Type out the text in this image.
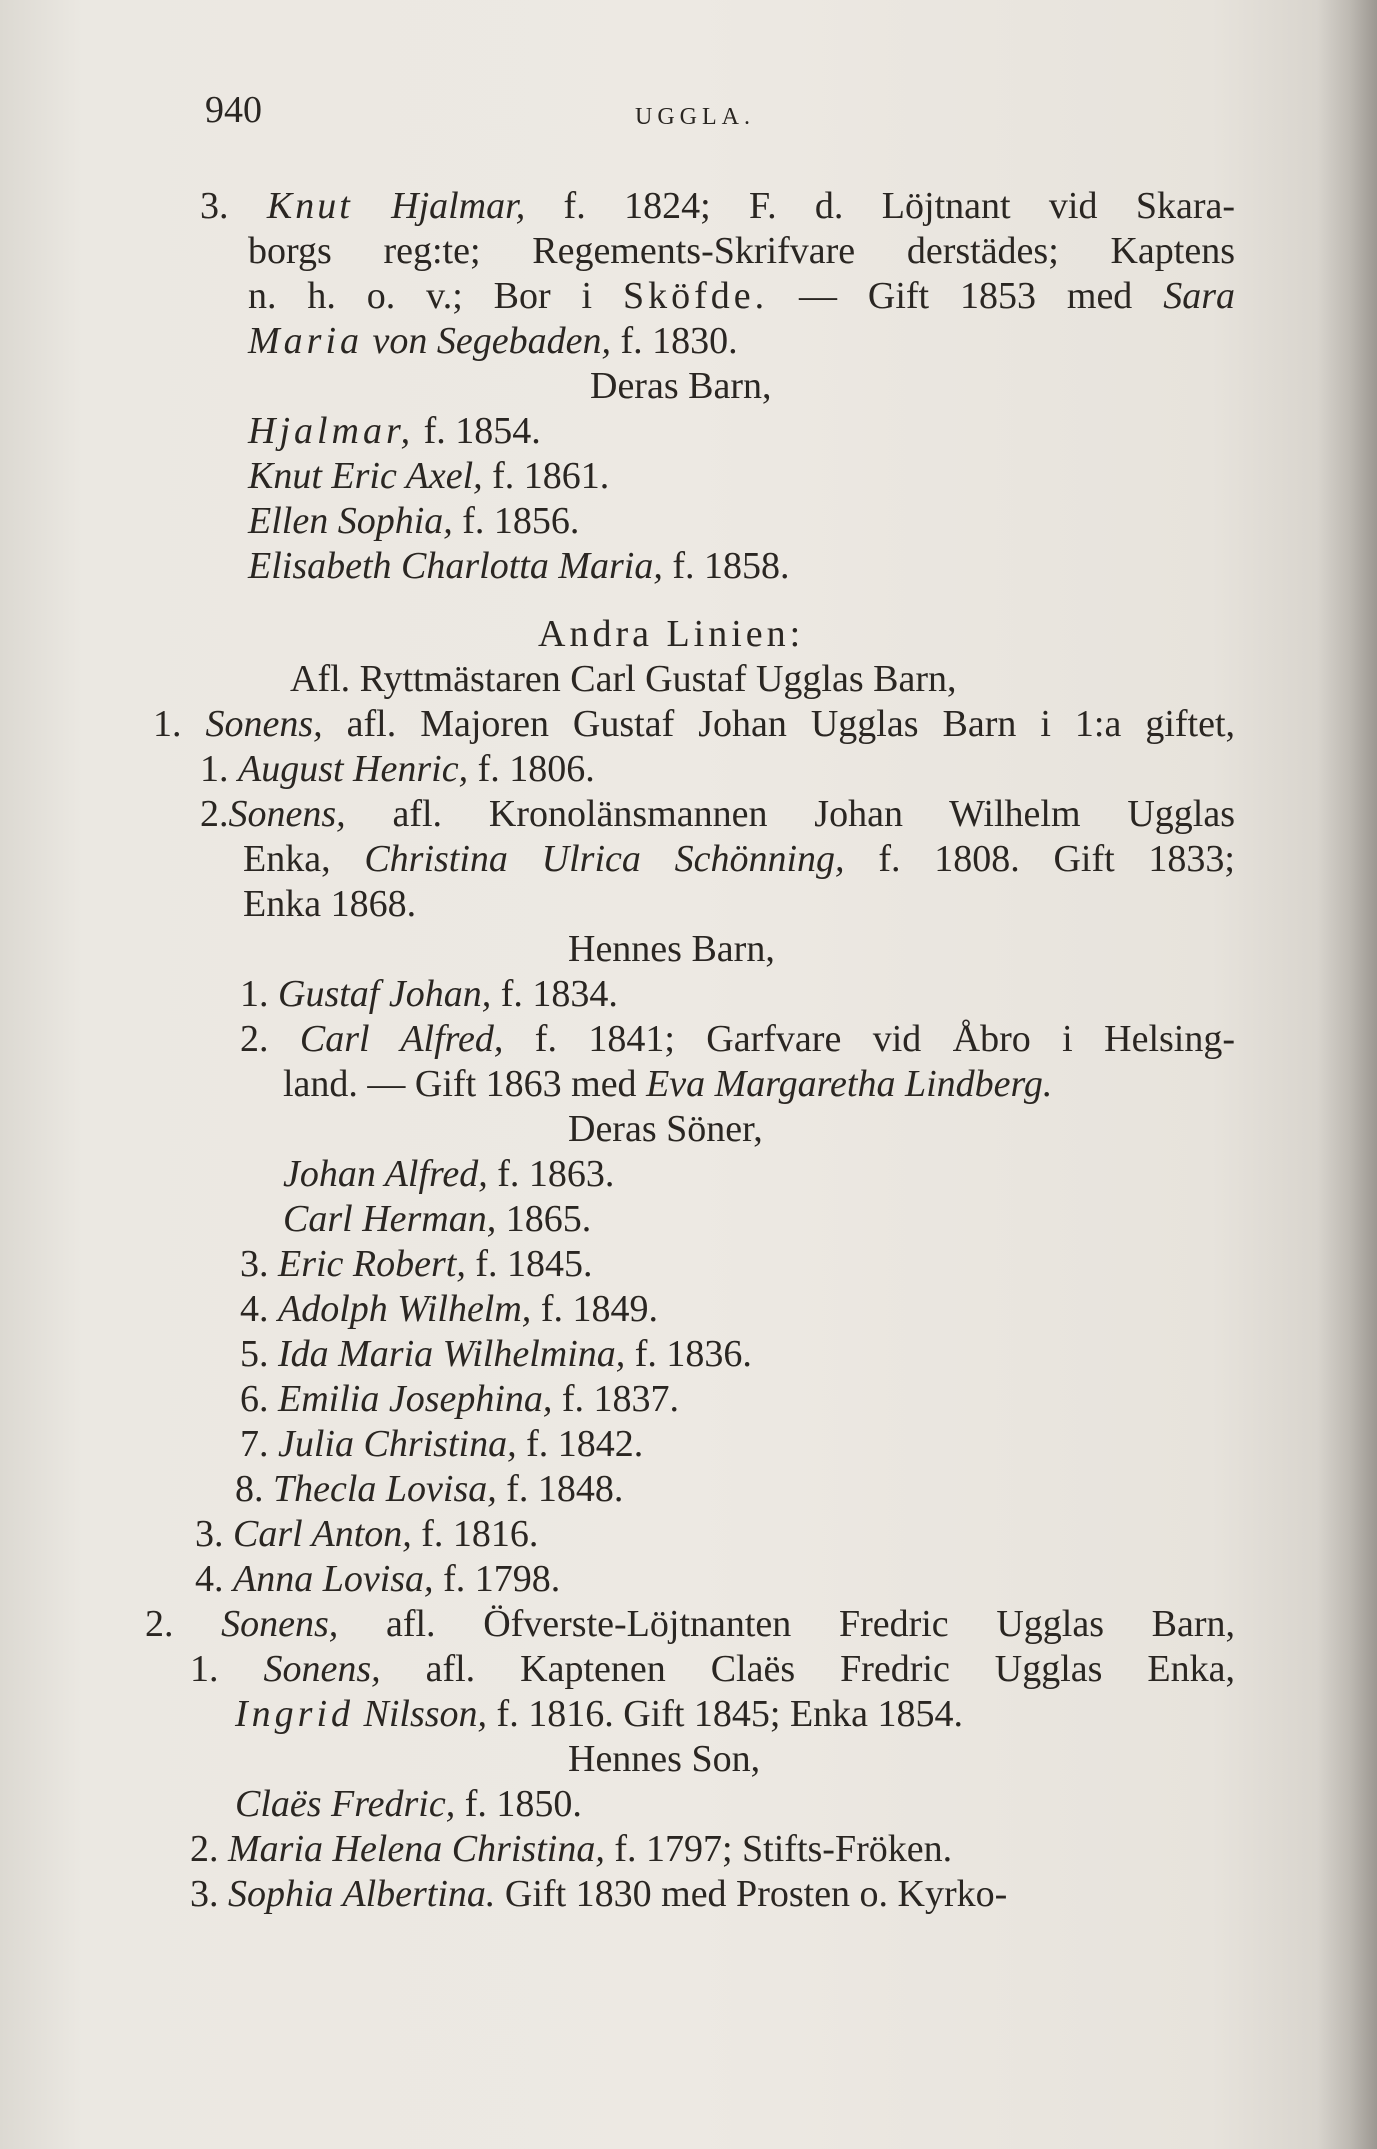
940	UGGLA.
3. Knut Hjalmar, f. 1824; F. d. Löjtnant vid Skara-
borgs reg:te; Regements-Skrifvare derstädes; Kaptens
n. h. o. v.; Bor i Sköfde. — Gift 1853 med Sara
Maria von Segebaden, f. 1830.
Deras Barn,
Hjalmar, f. 1854.
Knut Eric Axel, f. 1861.
Ellen Sophia, f. 1856.
Elisabeth Charlotta Maria, f. 1858.
Andra Linien:
Afl. Ryttmästaren Carl Gustaf Ugglas Barn,
1. Sonens, afl. Majoren Gustaf Johan Ugglas Barn i 1:a giftet,
1. August Henric, f. 1806.
2.Sonens, afl. Kronolänsmannen Johan Wilhelm Ugglas
Enka, Christina Ulrica Schönning, f. 1808. Gift 1833;
Enka 1868.
Hennes Barn,
1. Gustaf Johan, f. 1834.
2. Carl Alfred, f. 1841; Garfvare vid Åbro i Helsing-
land. — Gift 1863 med Eva Margaretha Lindberg.
Deras Söner,
Johan Alfred, f. 1863.
Carl Herman, 1865.
3. Eric Robert, f. 1845.
4. Adolph Wilhelm, f. 1849.
5. Ida Maria Wilhelmina, f. 1836.
6. Emilia Josephina, f. 1837.
7. Julia Christina, f. 1842.
8. Thecla Lovisa, f. 1848.
3. Carl Anton, f. 1816.
4. Anna Lovisa, f. 1798.
2. Sonens, afl. Öfverste-Löjtnanten Fredric Ugglas Barn,
1. Sonens, afl. Kaptenen Claës Fredric Ugglas Enka,
Ingrid Nilsson, f. 1816. Gift 1845; Enka 1854.
Hennes Son,
Claës Fredric, f. 1850.
2. Maria Helena Christina, f. 1797; Stifts-Fröken.
3. Sophia Albertina. Gift 1830 med Prosten o. Kyrko-
